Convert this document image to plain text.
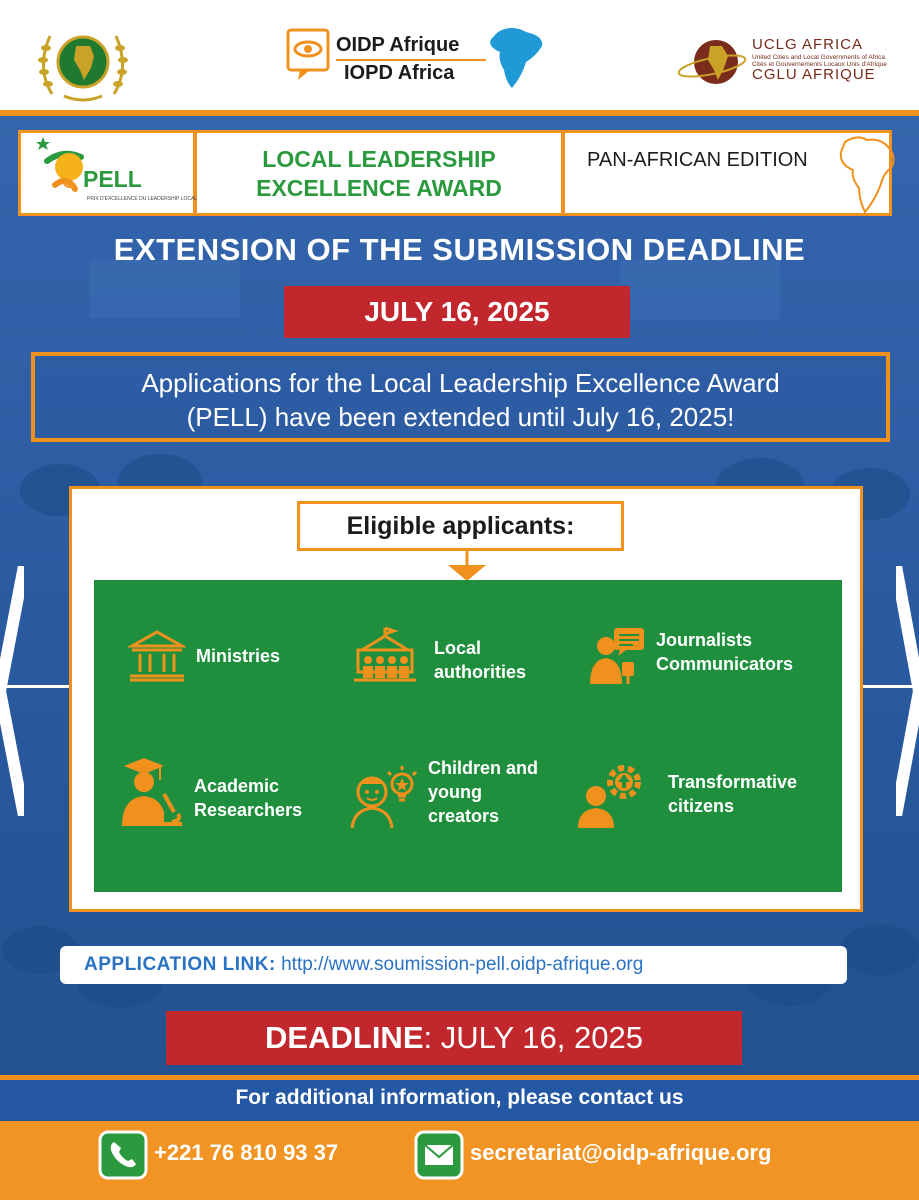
OIDP Afrique
IOPD Africa
UCLG AFRICA
United Cities and Local Governments of Africa
Cités et Gouvernements Locaux Unis d'Afrique
CGLU AFRIQUE
PELL
PRIX D'EXCELLENCE DU LEADERSHIP LOCAL
LOCAL LEADERSHIP
EXCELLENCE AWARD
PAN-AFRICAN EDITION
EXTENSION OF THE SUBMISSION DEADLINE
JULY 16, 2025
Applications for the Local Leadership Excellence Award
(PELL) have been extended until July 16, 2025!
Eligible applicants:
Ministries	Local
authorities
Journalists
Communicators
Academic
Researchers
Children and
young
creators
Transformative
citizens
APPLICATION LINK: http://www.soumission-pell.oidp-afrique.org
DEADLINE: JULY 16, 2025
For additional information, please contact us
+221 76 810 93 37	secretariat@oidp-afrique.org
